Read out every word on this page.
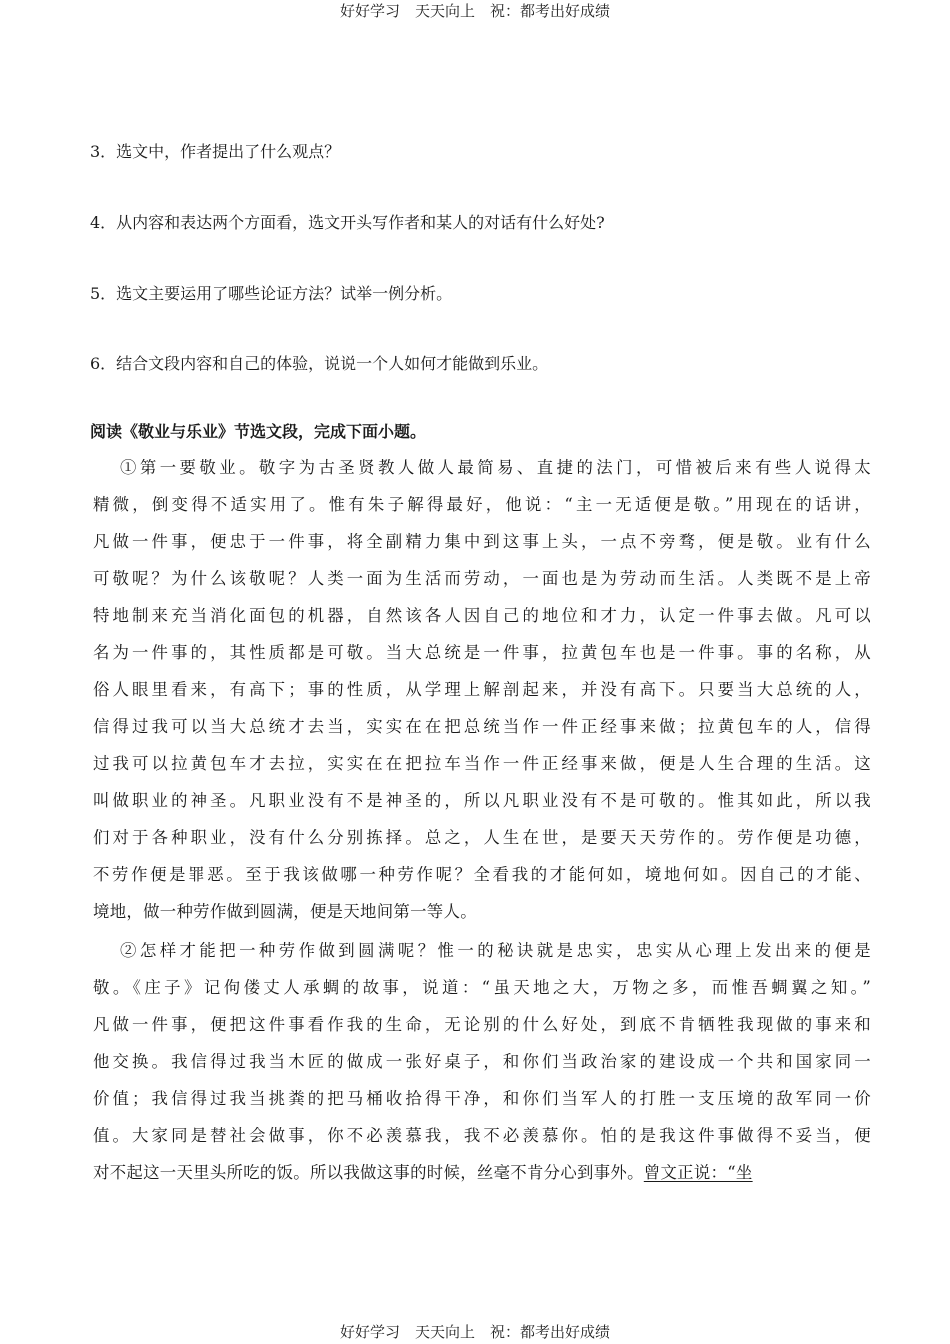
好好学习　天天向上　祝：都考出好成绩
3．选文中，作者提出了什么观点？
4．从内容和表达两个方面看，选文开头写作者和某人的对话有什么好处?
5．选文主要运用了哪些论证方法？试举一例分析。
6．结合文段内容和自己的体验，说说一个人如何才能做到乐业。
阅读《敬业与乐业》节选文段，完成下面小题。
①第一要敬业。敬字为古圣贤教人做人最简易、直捷的法门，可惜被后来有些人说得太
精微，倒变得不适实用了。惟有朱子解得最好，他说：“主一无适便是敬。”用现在的话讲，
凡做一件事，便忠于一件事，将全副精力集中到这事上头，一点不旁骛，便是敬。业有什么
可敬呢？为什么该敬呢？人类一面为生活而劳动，一面也是为劳动而生活。人类既不是上帝
特地制来充当消化面包的机器，自然该各人因自己的地位和才力，认定一件事去做。凡可以
名为一件事的，其性质都是可敬。当大总统是一件事，拉黄包车也是一件事。事的名称，从
俗人眼里看来，有高下；事的性质，从学理上解剖起来，并没有高下。只要当大总统的人，
信得过我可以当大总统才去当，实实在在把总统当作一件正经事来做；拉黄包车的人，信得
过我可以拉黄包车才去拉，实实在在把拉车当作一件正经事来做，便是人生合理的生活。这
叫做职业的神圣。凡职业没有不是神圣的，所以凡职业没有不是可敬的。惟其如此，所以我
们对于各种职业，没有什么分别拣择。总之，人生在世，是要天天劳作的。劳作便是功德，
不劳作便是罪恶。至于我该做哪一种劳作呢？全看我的才能何如，境地何如。因自己的才能、
境地，做一种劳作做到圆满，便是天地间第一等人。
②怎样才能把一种劳作做到圆满呢？惟一的秘诀就是忠实，忠实从心理上发出来的便是
敬。《庄子》记佝偻丈人承蜩的故事，说道：“虽天地之大，万物之多，而惟吾蜩翼之知。”
凡做一件事，便把这件事看作我的生命，无论别的什么好处，到底不肯牺牲我现做的事来和
他交换。我信得过我当木匠的做成一张好桌子，和你们当政治家的建设成一个共和国家同一
价值；我信得过我当挑粪的把马桶收拾得干净，和你们当军人的打胜一支压境的敌军同一价
值。大家同是替社会做事，你不必羡慕我，我不必羡慕你。怕的是我这件事做得不妥当，便
对不起这一天里头所吃的饭。所以我做这事的时候，丝毫不肯分心到事外。曾文正说：“坐
好好学习　天天向上　祝：都考出好成绩
